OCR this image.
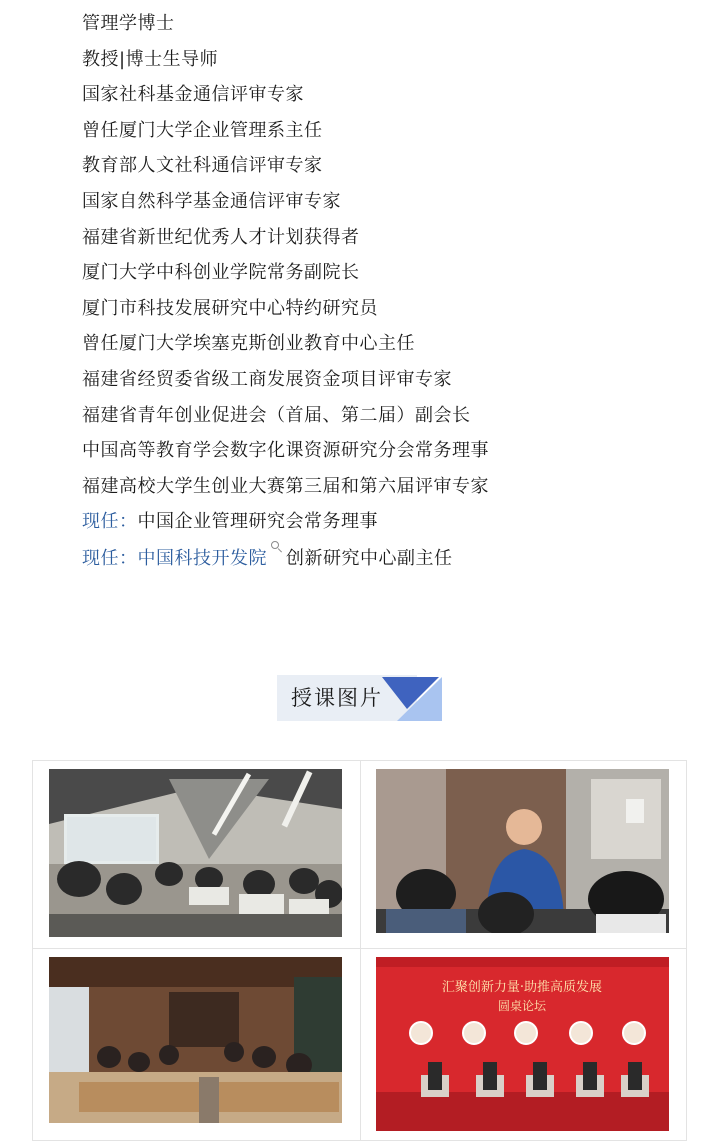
管理学博士
教授|博士生导师
国家社科基金通信评审专家
曾任厦门大学企业管理系主任
教育部人文社科通信评审专家
国家自然科学基金通信评审专家
福建省新世纪优秀人才计划获得者
厦门大学中科创业学院常务副院长
厦门市科技发展研究中心特约研究员
曾任厦门大学埃塞克斯创业教育中心主任
福建省经贸委省级工商发展资金项目评审专家
福建省青年创业促进会（首届、第二届）副会长
中国高等教育学会数字化课资源研究分会常务理事
福建高校大学生创业大赛第三届和第六届评审专家
现任：中国企业管理研究会常务理事
现任：中国科技开发院 创新研究中心副主任
授课图片
汇聚创新力量·助推高质发展
圆桌论坛
